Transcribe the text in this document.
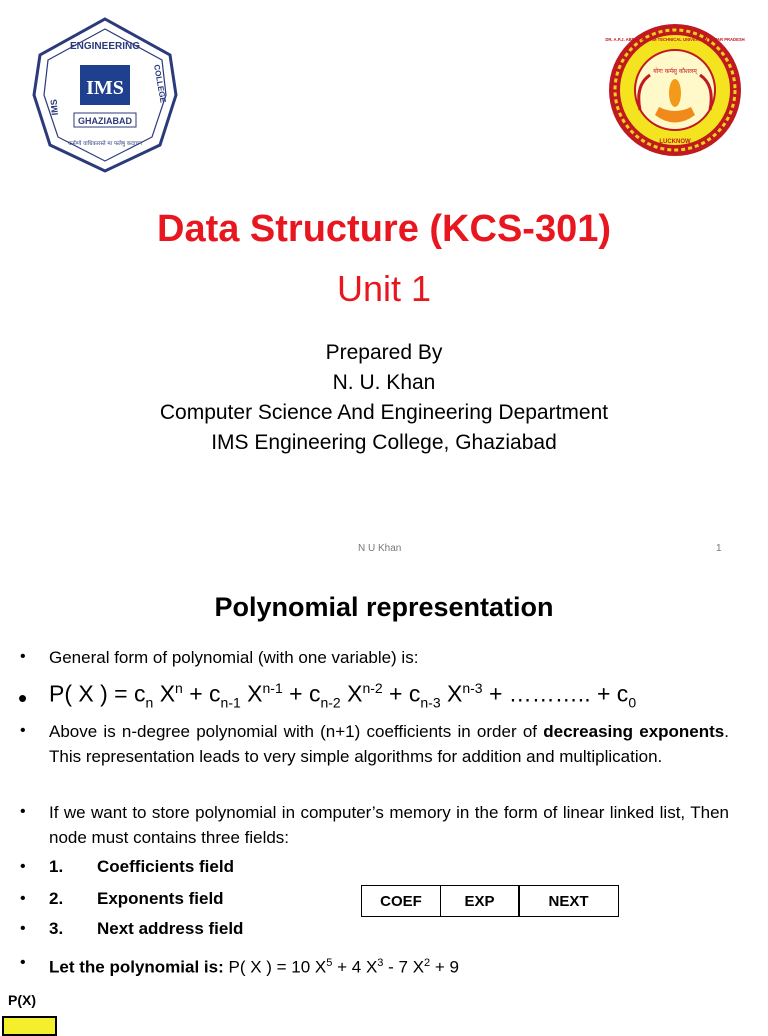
IMS
GHAZIABAD
ENGINEERING
IMS
COLLEGE
कर्मण्ये वाधिकारस्ते मा फलेषु कदाचन
योगः कर्मसु कौशलम्
DR. A.P.J. ABDUL KALAM TECHNICAL UNIVERSITY UTTAR PRADESH
LUCKNOW
Data Structure (KCS-301)
Unit 1
Prepared By
N. U. Khan
Computer Science And Engineering Department
IMS Engineering College, Ghaziabad
N U Khan	1
Polynomial representation
• General form of polynomial (with one variable) is:
• P( X ) = $c_n$ $X^n + c_{n-1}$ $X^{n-1} + c_{n-2}$ $X^{n-2} + c_{n-3}$ $X^{n-3}$ + ……….. + $c_0$
• Above is n-degree polynomial with (n+1) coefficients in order of decreasing exponents. This representation leads to very simple algorithms for addition and multiplication.
• If we want to store polynomial in computer’s memory in the form of linear linked list, Then node must contains three fields:
• 1. Coefficients field
• 2. Exponents field
• 3. Next address field
COEF	EXP	NEXT
• Let the polynomial is: P( X ) = 10 $X^5 + 4$ $X^3 - 7$ $X^2 + 9$
P(X)
